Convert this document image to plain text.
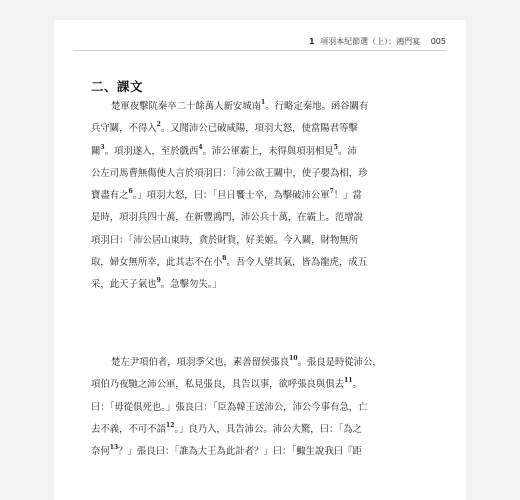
1 項羽本紀節選（上）：鴻門宴 005
二、課文
楚軍夜擊阬秦卒二十餘萬人新安城南$^1$。行略定秦地。函谷關有
兵守關，不得入$^2$。又聞沛公已破咸陽，項羽大怒，使當陽君等擊
關$^3$。項羽遂入，至於戲西$^4$。沛公軍霸上，未得與項羽相見$^5$。沛
公左司馬曹無傷使人言於項羽曰：「沛公欲王關中，使子嬰為相，珍
寶盡有之$^6$。」項羽大怒，曰：「旦日饗士卒，為擊破沛公軍$^7$！」當
是時，項羽兵四十萬，在新豐鴻門，沛公兵十萬，在霸上。范增說
項羽曰：「沛公居山東時，貪於財貨，好美姬。今入關，財物無所
取，婦女無所幸，此其志不在小$^8$。吾令人望其氣，皆為龍虎，成五
采，此天子氣也$^9$。急擊勿失。」
楚左尹項伯者，項羽季父也，素善留侯張良$^{10}$。張良是時從沛公，
項伯乃夜馳之沛公軍，私見張良，具告以事，欲呼張良與俱去$^{11}$。
曰：「毋從俱死也。」張良曰：「臣為韓王送沛公，沛公今事有急，亡
去不義，不可不語$^{12}$。」良乃入，具告沛公。沛公大驚，曰：「為之
奈何$^{13}$？」張良曰：「誰為大王為此計者？」曰：「鯫生說我曰『距
